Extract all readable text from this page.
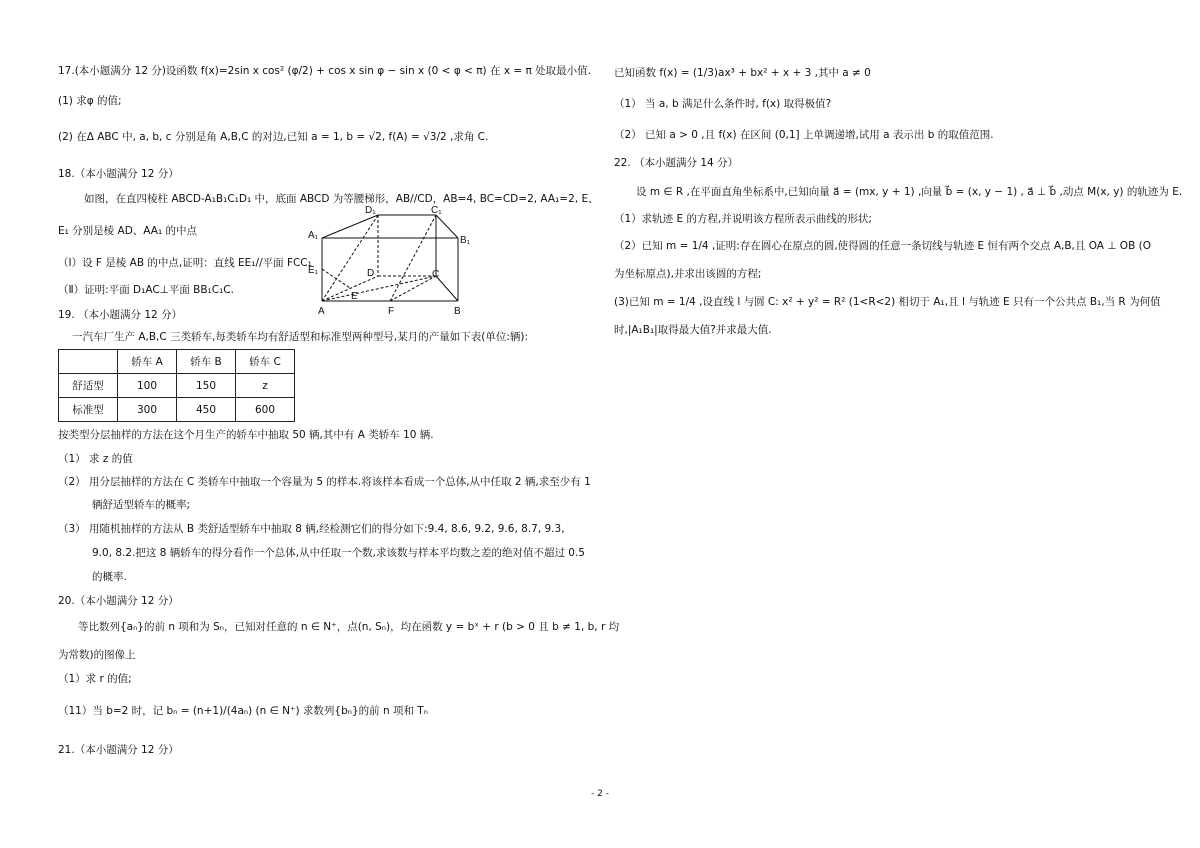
17.(本小题满分 12 分)设函数 f(x)=2sin x cos² (φ/2) + cos x sin φ − sin x (0 < φ < π) 在 x = π 处取最小值.
(1) 求φ 的值;
(2) 在Δ ABC 中, a, b, c 分别是角 A,B,C 的对边,已知 a = 1, b = √2, f(A) = √3/2 ,求角 C.
18.（本小题满分 12 分）
如图，在直四棱柱 ABCD-A₁B₁C₁D₁ 中，底面 ABCD 为等腰梯形，AB//CD，AB=4, BC=CD=2, AA₁=2, E、
E₁ 分别是棱 AD、AA₁ 的中点
（Ⅰ）设 F 是棱 AB 的中点,证明：直线 EE₁//平面 FCC₁
（Ⅱ）证明:平面 D₁AC⊥平面 BB₁C₁C.
D₁	C₁
A₁	B₁
E₁	D	C
E
A	F	B
19. （本小题满分 12 分）
一汽车厂生产 A,B,C 三类轿车,每类轿车均有舒适型和标准型两种型号,某月的产量如下表(单位:辆):
	轿车 A	轿车 B	轿车 C
舒适型	100	150	z
标准型	300	450	600
按类型分层抽样的方法在这个月生产的轿车中抽取 50 辆,其中有 A 类轿车 10 辆.
（1） 求 z 的值
（2） 用分层抽样的方法在 C 类轿车中抽取一个容量为 5 的样本.将该样本看成一个总体,从中任取 2 辆,求至少有 1
辆舒适型轿车的概率;
（3） 用随机抽样的方法从 B 类舒适型轿车中抽取 8 辆,经检测它们的得分如下:9.4, 8.6, 9.2, 9.6, 8.7, 9.3,
9.0, 8.2.把这 8 辆轿车的得分看作一个总体,从中任取一个数,求该数与样本平均数之差的绝对值不超过 0.5
的概率.
20.（本小题满分 12 分）
等比数列{aₙ}的前 n 项和为 Sₙ，已知对任意的 n ∈ N⁺，点(n, Sₙ)，均在函数 y = bˣ + r (b > 0 且 b ≠ 1, b, r 均
为常数)的图像上
（1）求 r 的值;
（11）当 b=2 时，记 bₙ = (n+1)/(4aₙ) (n ∈ N⁺) 求数列{bₙ}的前 n 项和 Tₙ
21.（本小题满分 12 分）
已知函数 f(x) = (1/3)ax³ + bx² + x + 3 ,其中 a ≠ 0
（1） 当 a, b 满足什么条件时, f(x) 取得极值?
（2） 已知 a > 0 ,且 f(x) 在区间 (0,1] 上单调递增,试用 a 表示出 b 的取值范围.
22. （本小题满分 14 分）
设 m ∈ R ,在平面直角坐标系中,已知向量 a⃗ = (mx, y + 1) ,向量 b⃗ = (x, y − 1) , a⃗ ⊥ b⃗ ,动点 M(x, y) 的轨迹为 E.
（1）求轨迹 E 的方程,并说明该方程所表示曲线的形状;
（2）已知 m = 1/4 ,证明:存在圆心在原点的圆,使得圆的任意一条切线与轨迹 E 恒有两个交点 A,B,且 OA ⊥ OB (O
为坐标原点),并求出该圆的方程;
(3)已知 m = 1/4 ,设直线 l 与圆 C: x² + y² = R² (1<R<2) 相切于 A₁,且 l 与轨迹 E 只有一个公共点 B₁,当 R 为何值
时,|A₁B₁|取得最大值?并求最大值.
- 2 -
